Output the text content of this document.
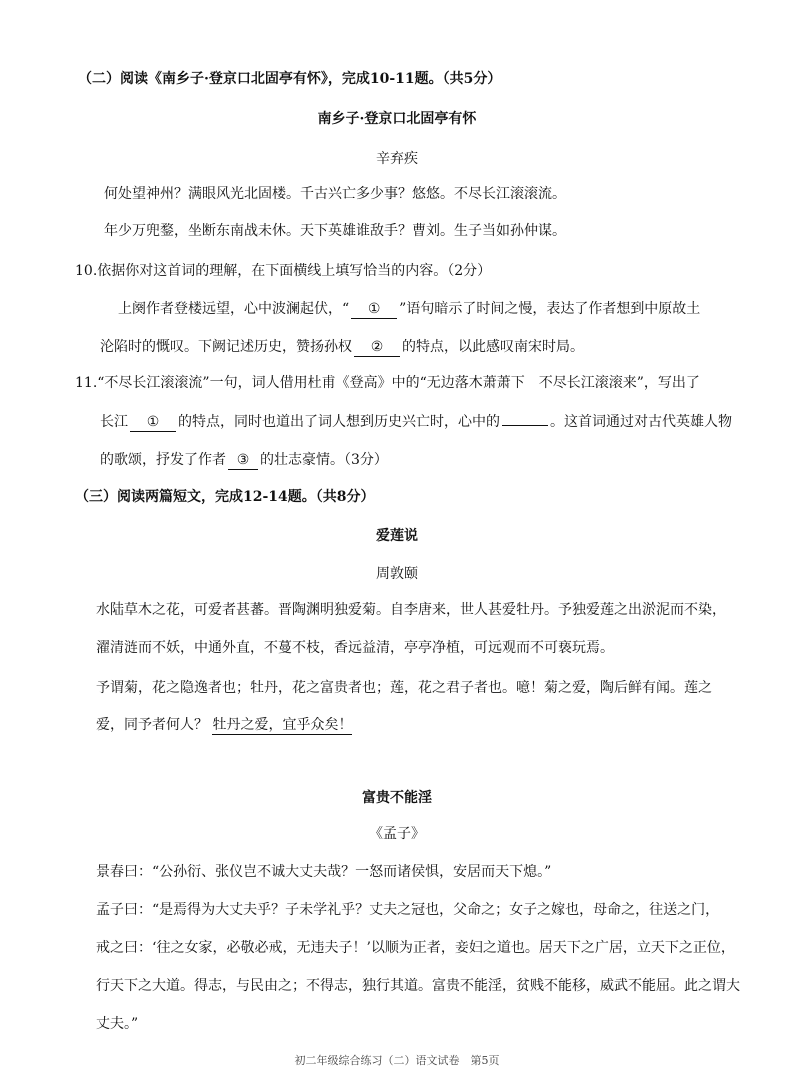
（二）阅读《南乡子·登京口北固亭有怀》，完成10-11题。（共5分）
南乡子·登京口北固亭有怀
辛弃疾
何处望神州？满眼风光北固楼。千古兴亡多少事？悠悠。不尽长江滚滚流。
年少万兜鍪，坐断东南战未休。天下英雄谁敌手？曹刘。生子当如孙仲谋。
10.依据你对这首词的理解，在下面横线上填写恰当的内容。（2分）
上阕作者登楼远望，心中波澜起伏，“ ① ”语句暗示了时间之慢，表达了作者想到中原故土
沦陷时的慨叹。下阙记述历史，赞扬孙权 ② 的特点，以此感叹南宋时局。
11.“不尽长江滚滚流”一句，词人借用杜甫《登高》中的“无边落木萧萧下　不尽长江滚滚来”，写出了
长江 ① 的特点，同时也道出了词人想到历史兴亡时，心中的	。这首词通过对古代英雄人物
的歌颂，抒发了作者 ③ 的壮志豪情。（3分）
（三）阅读两篇短文，完成12-14题。（共8分）
爱莲说
周敦颐
水陆草木之花，可爱者甚蕃。晋陶渊明独爱菊。自李唐来，世人甚爱牡丹。予独爱莲之出淤泥而不染，
濯清涟而不妖，中通外直，不蔓不枝，香远益清，亭亭净植，可远观而不可亵玩焉。
予谓菊，花之隐逸者也；牡丹，花之富贵者也；莲，花之君子者也。噫！菊之爱，陶后鲜有闻。莲之
爱，同予者何人？ 牡丹之爱，宜乎众矣！
富贵不能淫
《孟子》
景春曰：“公孙衍、张仪岂不诚大丈夫哉？一怒而诸侯惧，安居而天下熄。”
孟子曰：“是焉得为大丈夫乎？子未学礼乎？丈夫之冠也，父命之；女子之嫁也，母命之，往送之门，
戒之曰：‘往之女家，必敬必戒，无违夫子！’以顺为正者，妾妇之道也。居天下之广居，立天下之正位，
行天下之大道。得志，与民由之；不得志，独行其道。富贵不能淫，贫贱不能移，威武不能屈。此之谓大
丈夫。”
初二年级综合练习（二）语文试卷　第5页
